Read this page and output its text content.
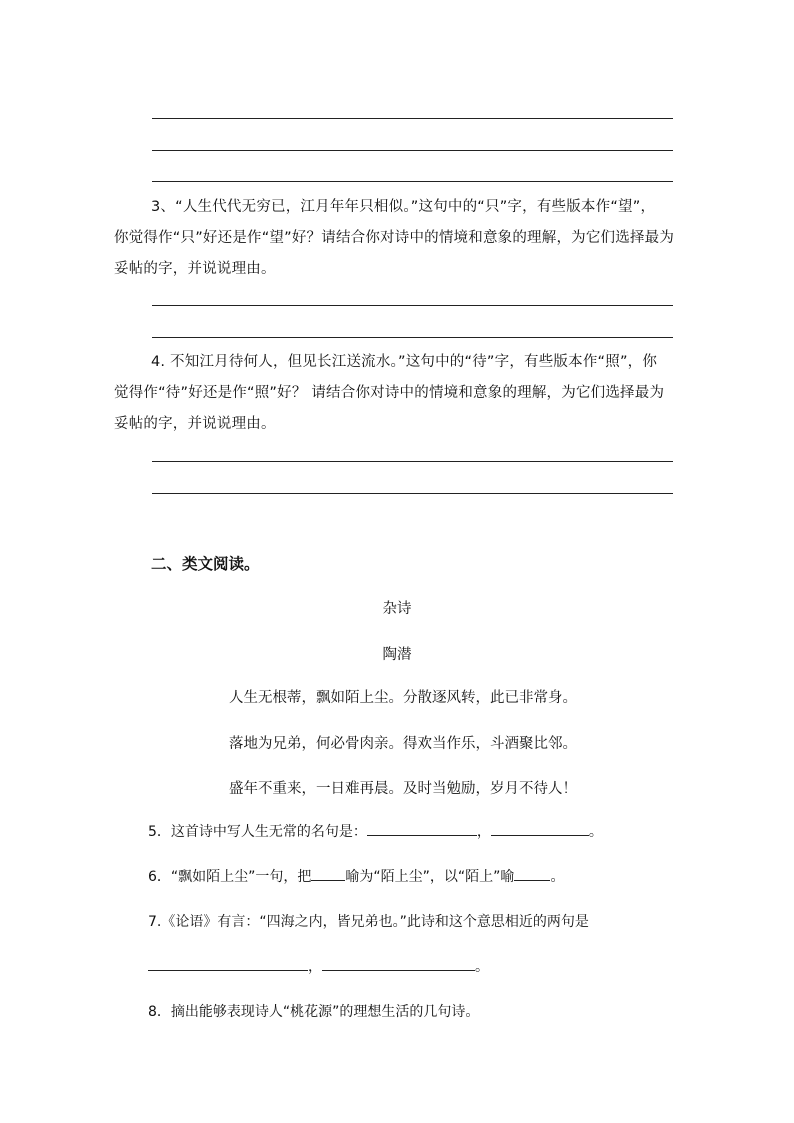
3、“人生代代无穷已，江月年年只相似。”这句中的“只”字，有些版本作“望”，
你觉得作“只”好还是作“望”好？请结合你对诗中的情境和意象的理解，为它们选择最为
妥帖的字，并说说理由。
4. 不知江月待何人，但见长江送流水。”这句中的“待”字，有些版本作“照”，你
觉得作“待”好还是作“照”好？ 请结合你对诗中的情境和意象的理解，为它们选择最为
妥帖的字，并说说理由。
二、类文阅读。
杂诗
陶潜
人生无根蒂，飘如陌上尘。分散逐风转，此已非常身。
落地为兄弟，何必骨肉亲。得欢当作乐，斗酒聚比邻。
盛年不重来，一日难再晨。及时当勉励，岁月不待人！
5．这首诗中写人生无常的名句是：	，	。
6．“飘如陌上尘”一句，把 喻为“陌上尘”，以“陌上”喻	。
7.《论语》有言：“四海之内，皆兄弟也。”此诗和这个意思相近的两句是
，	。
8．摘出能够表现诗人“桃花源”的理想生活的几句诗。
